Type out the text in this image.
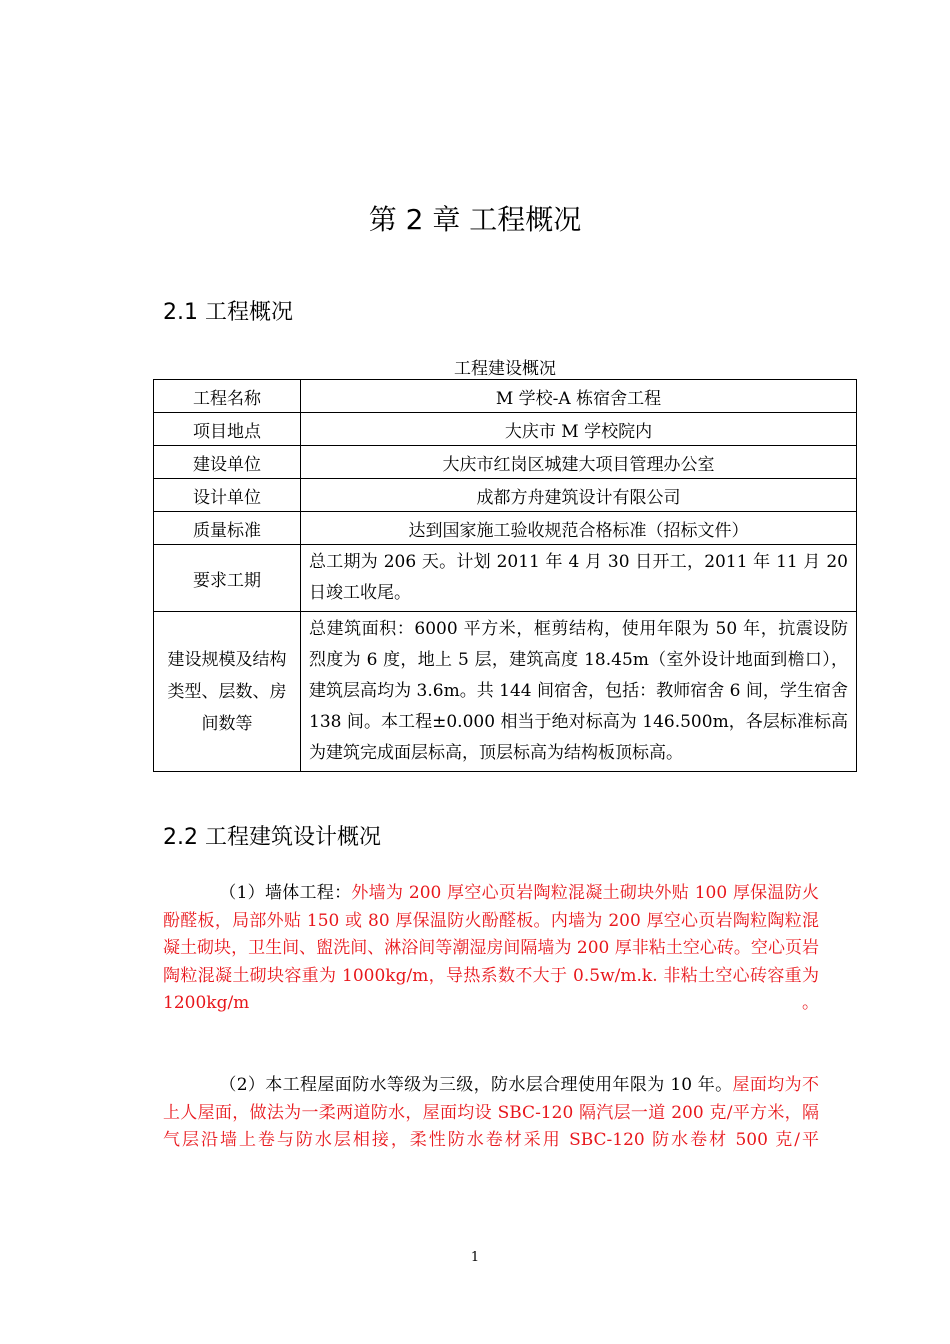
第 2 章 工程概况
2.1 工程概况
工程建设概况
工程名称	M 学校-A 栋宿舍工程
项目地点	大庆市 M 学校院内
建设单位	大庆市红岗区城建大项目管理办公室
设计单位	成都方舟建筑设计有限公司
质量标准	达到国家施工验收规范合格标准（招标文件）
要求工期	总工期为 206 天。计划 2011 年 4 月 30 日开工，2011 年 11 月 20 日竣工收尾。
建设规模及结构类型、层数、房间数等	总建筑面积：6000 平方米，框剪结构，使用年限为 50 年，抗震设防烈度为 6 度，地上 5 层，建筑高度 18.45m（室外设计地面到檐口），建筑层高均为 3.6m。共 144 间宿舍，包括：教师宿舍 6 间，学生宿舍 138 间。本工程±0.000 相当于绝对标高为 146.500m，各层标准标高为建筑完成面层标高，顶层标高为结构板顶标高。
2.2 工程建筑设计概况
（1）墙体工程：外墙为 200 厚空心页岩陶粒混凝土砌块外贴 100 厚保温防火酚醛板，局部外贴 150 或 80 厚保温防火酚醛板。内墙为 200 厚空心页岩陶粒陶粒混凝土砌块，卫生间、盥洗间、淋浴间等潮湿房间隔墙为 200 厚非粘土空心砖。空心页岩陶粒混凝土砌块容重为 1000kg/m，导热系数不大于 0.5w/m.k. 非粘土空心砖容重为 1200kg/m。
（2）本工程屋面防水等级为三级，防水层合理使用年限为 10 年。屋面均为不上人屋面，做法为一柔两道防水，屋面均设 SBC-120 隔汽层一道 200 克/平方米，隔气层沿墙上卷与防水层相接，柔性防水卷材采用 SBC-120 防水卷材 500 克/平
1
